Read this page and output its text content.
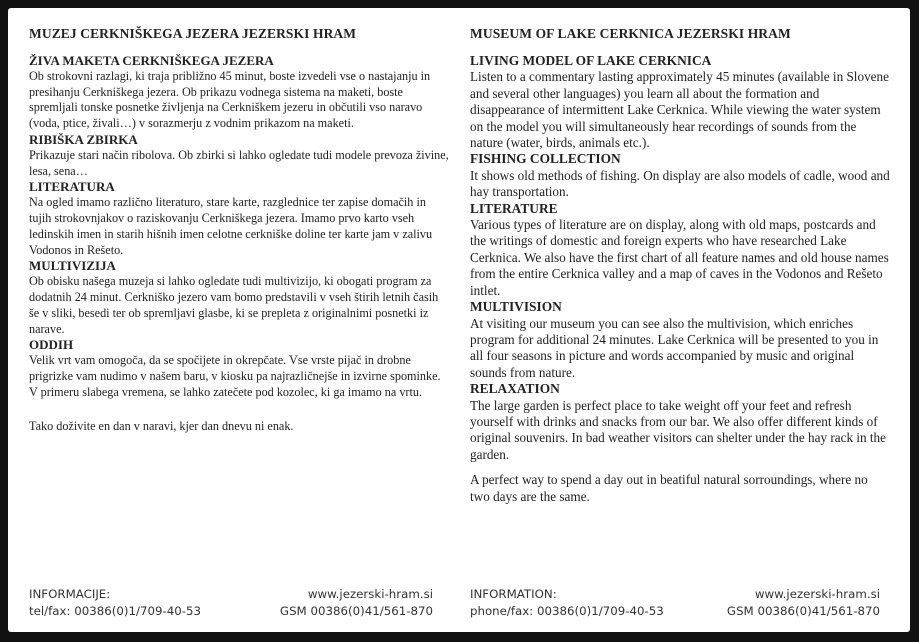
MUZEJ CERKNIŠKEGA JEZERA JEZERSKI HRAM

ŽIVA MAKETA CERKNIŠKEGA JEZERA

Ob strokovni razlagi, ki traja približno 45 minut, boste izvedeli vse o nastajanju in presihanju Cerkniškega jezera. Ob prikazu vodnega sistema na maketi, boste spremljali tonske posnetke življenja na Cerkniškem jezeru in občutili vso naravo (voda, ptice, živali…) v sorazmerju z vodnim prikazom na maketi.

RIBIŠKA ZBIRKA

Prikazuje stari način ribolova. Ob zbirki si lahko ogledate tudi modele prevoza živine, lesa, sena…

LITERATURA

Na ogled imamo različno literaturo, stare karte, razglednice ter zapise domačih in tujih strokovnjakov o raziskovanju Cerkniškega jezera. Imamo prvo karto vseh ledinskih imen in starih hišnih imen celotne cerkniške doline ter karte jam v zalivu Vodonos in Rešeto.

MULTIVIZIJA

Ob obisku našega muzeja si lahko ogledate tudi multivizijo, ki obogati program za dodatnih 24 minut. Cerkniško jezero vam bomo predstavili v vseh štirih letnih časih še v sliki, besedi ter ob spremljavi glasbe, ki se prepleta z originalnimi posnetki iz narave.

ODDIH

Velik vrt vam omogoča, da se spočijete in okrepčate. Vse vrste pijač in drobne prigrizke vam nudimo v našem baru, v kiosku pa najrazličnejše in izvirne spominke. V primeru slabega vremena, se lahko zatečete pod kozolec, ki ga imamo na vrtu.

Tako doživite en dan v naravi, kjer dan dnevu ni enak.

MUSEUM OF LAKE CERKNICA JEZERSKI HRAM

LIVING MODEL OF LAKE CERKNICA

Listen to a commentary lasting approximately 45 minutes (available in Slovene and several other languages) you learn all about the formation and disappearance of intermittent Lake Cerknica. While viewing the water system on the model you will simultaneously hear recordings of sounds from the nature (water, birds, animals etc.).

FISHING COLLECTION

It shows old methods of fishing. On display are also models of cadle, wood and hay transportation.

LITERATURE

Various types of literature are on display, along with old maps, postcards and the writings of domestic and foreign experts who have researched Lake Cerknica. We also have the first chart of all feature names and old house names from the entire Cerknica valley and a map of caves in the Vodonos and Rešeto intlet.

MULTIVISION

At visiting our museum you can see also the multivision, which enriches program for additional 24 minutes. Lake Cerknica will be presented to you in all four seasons in picture and words accompanied by music and original sounds from nature.

RELAXATION

The large garden is perfect place to take weight off your feet and refresh yourself with drinks and snacks from our bar. We also offer different kinds of original souvenirs. In bad weather visitors can shelter under the hay rack in the garden.

A perfect way to spend a day out in beatiful natural sorroundings, where no two days are the same.

INFORMACIJE:	www.jezerski-hram.si
tel/fax: 00386(0)1/709-40-53	GSM 00386(0)41/561-870
INFORMATION:	www.jezerski-hram.si
phone/fax: 00386(0)1/709-40-53	GSM 00386(0)41/561-870
